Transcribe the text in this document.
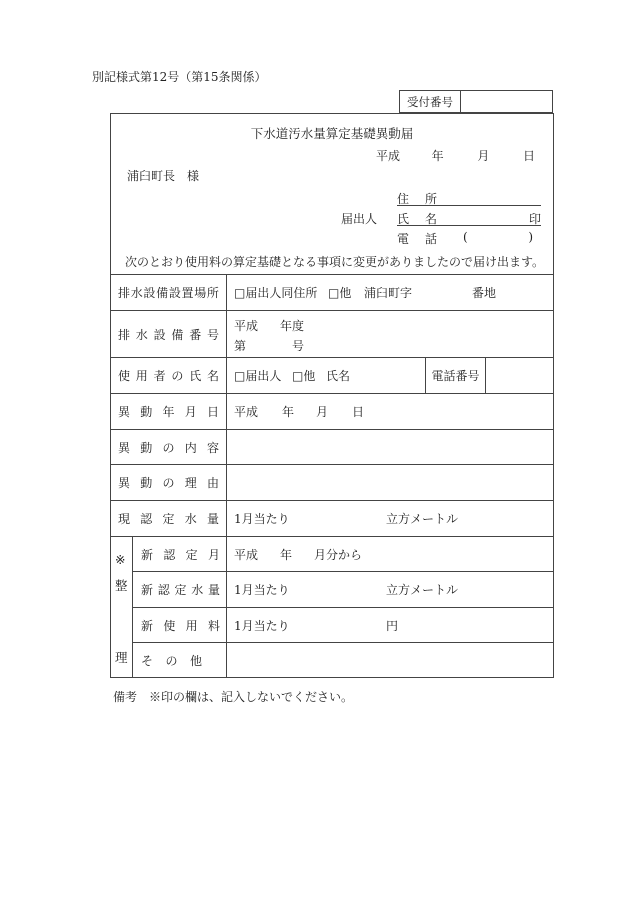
別記様式第12号（第15条関係）
受付番号
下水道汚水量算定基礎異動届
平成	年	月	日
浦臼町長　様
住 所
届出人 氏 名	印
電 話 (	)
次のとおり使用料の算定基礎となる事項に変更がありましたので届け出ます。
排 水 設 備 設 置 場 所 □届出人同住所 □他 浦臼町字	番地
排 水 設 備 番 号
平成 年度
第	号
使 用 者 の 氏 名 □届出人 □他 氏名	電話番号
異 動 年 月 日 平成 年 月 日
異 動 の 内 容
異 動 の 理 由
現 認 定 水 量 1月当たり	立方メートル
※
整
理
新 認 定 月 平成 年 月分から
新 認 定 水 量 1月当たり	立方メートル
新 使 用 料 1月当たり	円
そ の 他
備考　※印の欄は、記入しないでください。
